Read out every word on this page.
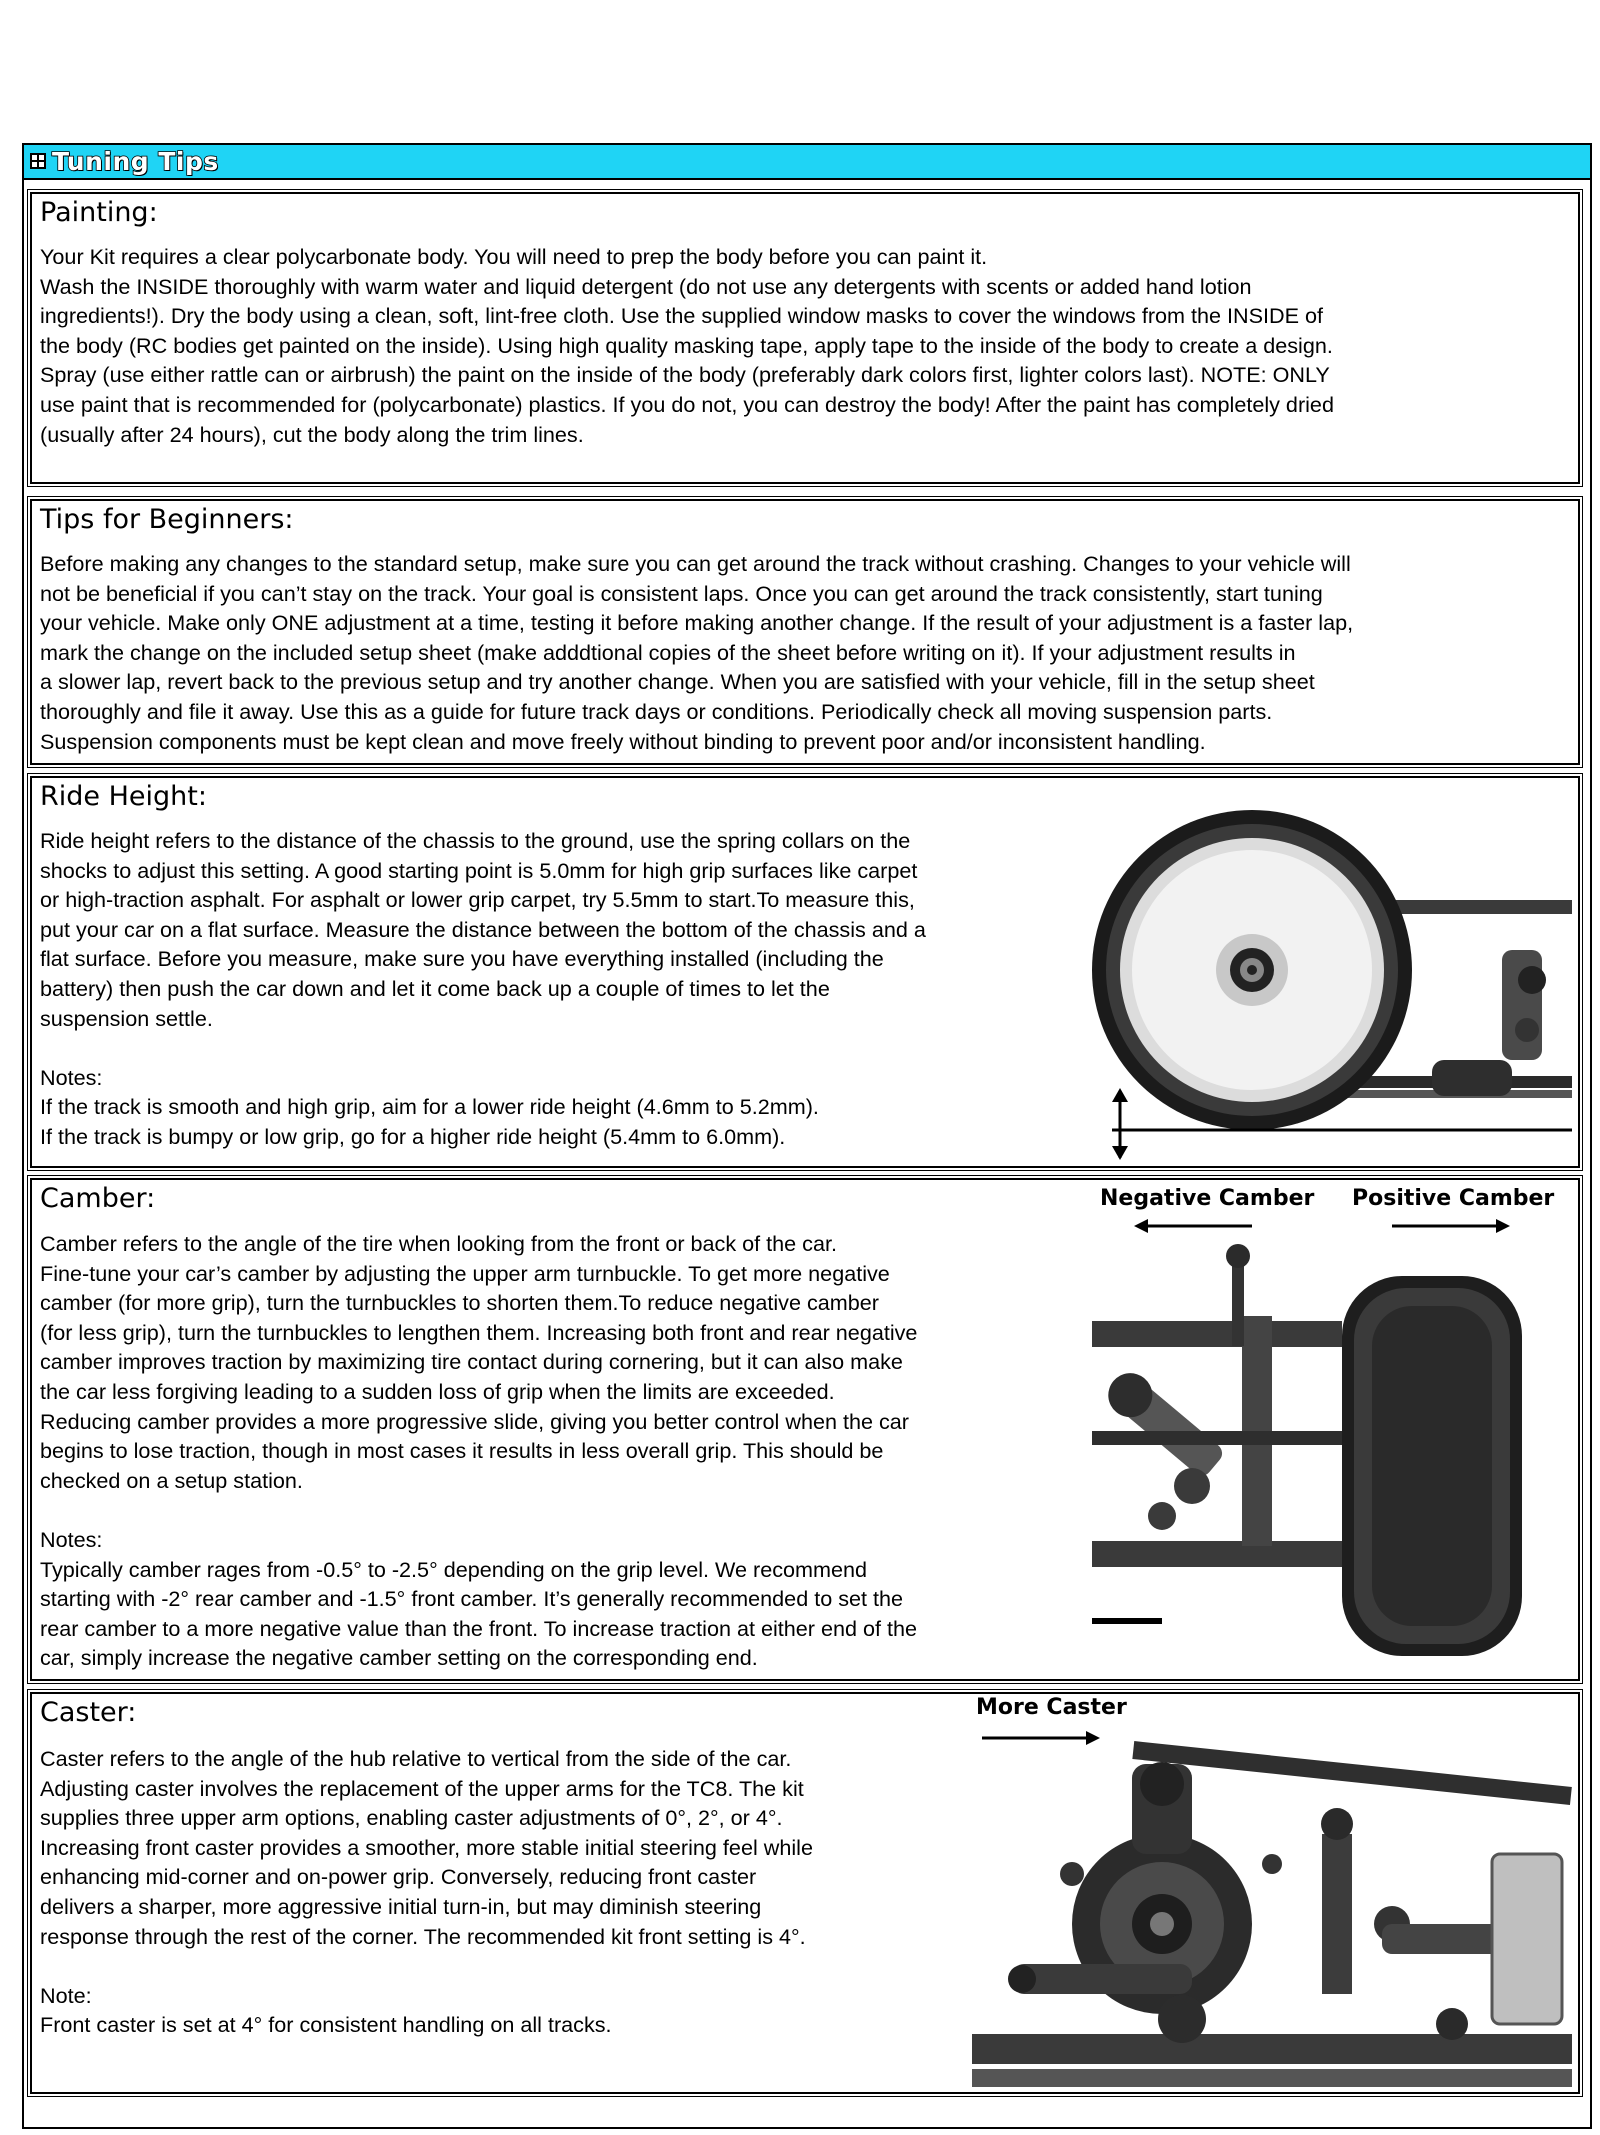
Tuning Tips
Painting:
Your Kit requires a clear polycarbonate body. You will need to prep the body before you can paint it.
Wash the INSIDE thoroughly with warm water and liquid detergent (do not use any detergents with scents or added hand lotion
ingredients!). Dry the body using a clean, soft, lint-free cloth. Use the supplied window masks to cover the windows from the INSIDE of
the body (RC bodies get painted on the inside). Using high quality masking tape, apply tape to the inside of the body to create a design.
Spray (use either rattle can or airbrush) the paint on the inside of the body (preferably dark colors first, lighter colors last). NOTE: ONLY
use paint that is recommended for (polycarbonate) plastics. If you do not, you can destroy the body! After the paint has completely dried
(usually after 24 hours), cut the body along the trim lines.
Tips for Beginners:
Before making any changes to the standard setup, make sure you can get around the track without crashing. Changes to your vehicle will
not be beneficial if you can’t stay on the track. Your goal is consistent laps. Once you can get around the track consistently, start tuning
your vehicle. Make only ONE adjustment at a time, testing it before making another change. If the result of your adjustment is a faster lap,
mark the change on the included setup sheet (make adddtional copies of the sheet before writing on it). If your adjustment results in
a slower lap, revert back to the previous setup and try another change. When you are satisfied with your vehicle, fill in the setup sheet
thoroughly and file it away. Use this as a guide for future track days or conditions. Periodically check all moving suspension parts.
Suspension components must be kept clean and move freely without binding to prevent poor and/or inconsistent handling.
Ride Height:
Ride height refers to the distance of the chassis to the ground, use the spring collars on the
shocks to adjust this setting. A good starting point is 5.0mm for high grip surfaces like carpet
or high-traction asphalt. For asphalt or lower grip carpet, try 5.5mm to start.To measure this,
put your car on a flat surface. Measure the distance between the bottom of the chassis and a
flat surface. Before you measure, make sure you have everything installed (including the
battery) then push the car down and let it come back up a couple of times to let the
suspension settle.

Notes:
If the track is smooth and high grip, aim for a lower ride height (4.6mm to 5.2mm).
If the track is bumpy or low grip, go for a higher ride height (5.4mm to 6.0mm).
Camber:
Camber refers to the angle of the tire when looking from the front or back of the car.
Fine-tune your car’s camber by adjusting the upper arm turnbuckle. To get more negative
camber (for more grip), turn the turnbuckles to shorten them.To reduce negative camber
(for less grip), turn the turnbuckles to lengthen them. Increasing both front and rear negative
camber improves traction by maximizing tire contact during cornering, but it can also make
the car less forgiving leading to a sudden loss of grip when the limits are exceeded.
Reducing camber provides a more progressive slide, giving you better control when the car
begins to lose traction, though in most cases it results in less overall grip. This should be
checked on a setup station.

Notes:
Typically camber rages from -0.5° to -2.5° depending on the grip level. We recommend
starting with -2° rear camber and -1.5° front camber. It’s generally recommended to set the
rear camber to a more negative value than the front. To increase traction at either end of the
car, simply increase the negative camber setting on the corresponding end.
Negative Camber Positive Camber
Caster:
Caster refers to the angle of the hub relative to vertical from the side of the car.
Adjusting caster involves the replacement of the upper arms for the TC8. The kit
supplies three upper arm options, enabling caster adjustments of 0°, 2°, or 4°.
Increasing front caster provides a smoother, more stable initial steering feel while
enhancing mid-corner and on-power grip. Conversely, reducing front caster
delivers a sharper, more aggressive initial turn-in, but may diminish steering
response through the rest of the corner. The recommended kit front setting is 4°.

Note:
Front caster is set at 4° for consistent handling on all tracks.
More Caster
